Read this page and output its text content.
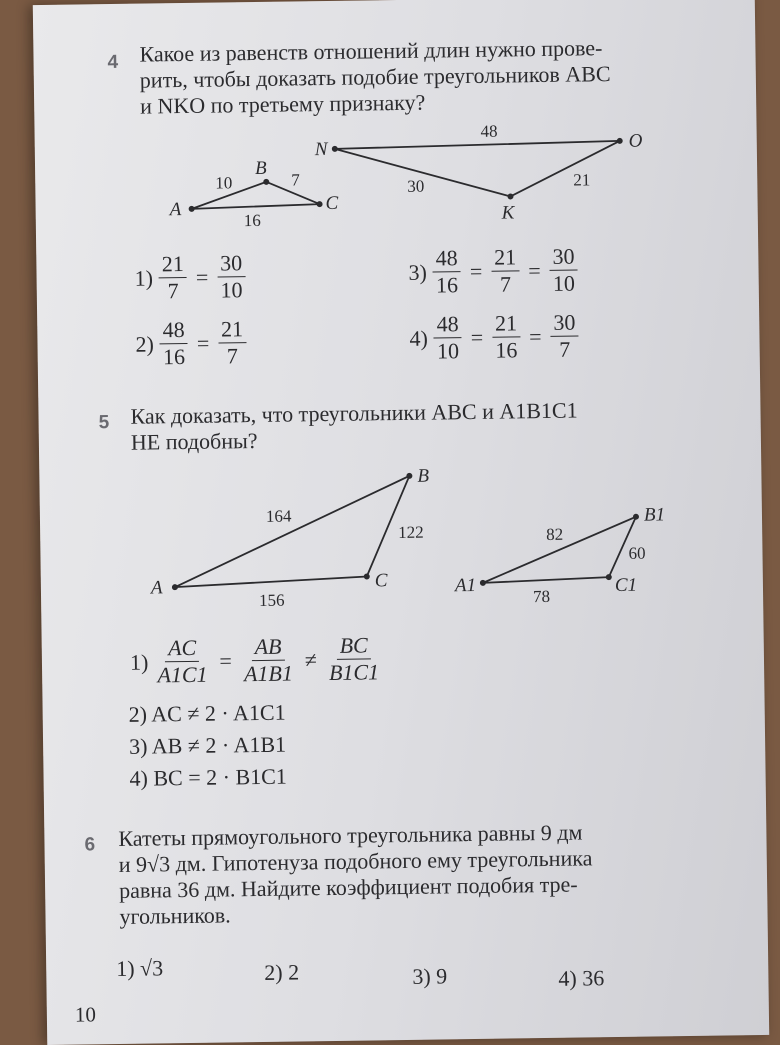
4 Какое из равенств отношений длин нужно прове-
рить, чтобы доказать подобие треугольников ABC
и NKO по третьему признаку?
A
B
C
10	7
16
N	O
K
48
30	21
$1) \frac{21}{7} = \frac{30}{10}$
$2) \frac{48}{16} = \frac{21}{7}$
$3) \frac{48}{16} = \frac{21}{7} = \frac{30}{10}$
$4) \frac{48}{10} = \frac{21}{16} = \frac{30}{7}$
5 Как доказать, что треугольники ABC и A1B1C1
НЕ подобны?
A
B
C
164
122
156
A1
B1
C1
82
60
78
$1) \frac{AC}{A1C1} = \frac{AB}{A1B1} \ne \frac{BC}{B1C1}$
2) AC ≠ 2 · A1C1
3) AB ≠ 2 · A1B1
4) BC = 2 · B1C1
6 Катеты прямоугольного треугольника равны 9 дм
и 9√3 дм. Гипотенуза подобного ему треугольника
равна 36 дм. Найдите коэффициент подобия тре-
угольников.
1) √3	2) 2	3) 9	4) 36
10
